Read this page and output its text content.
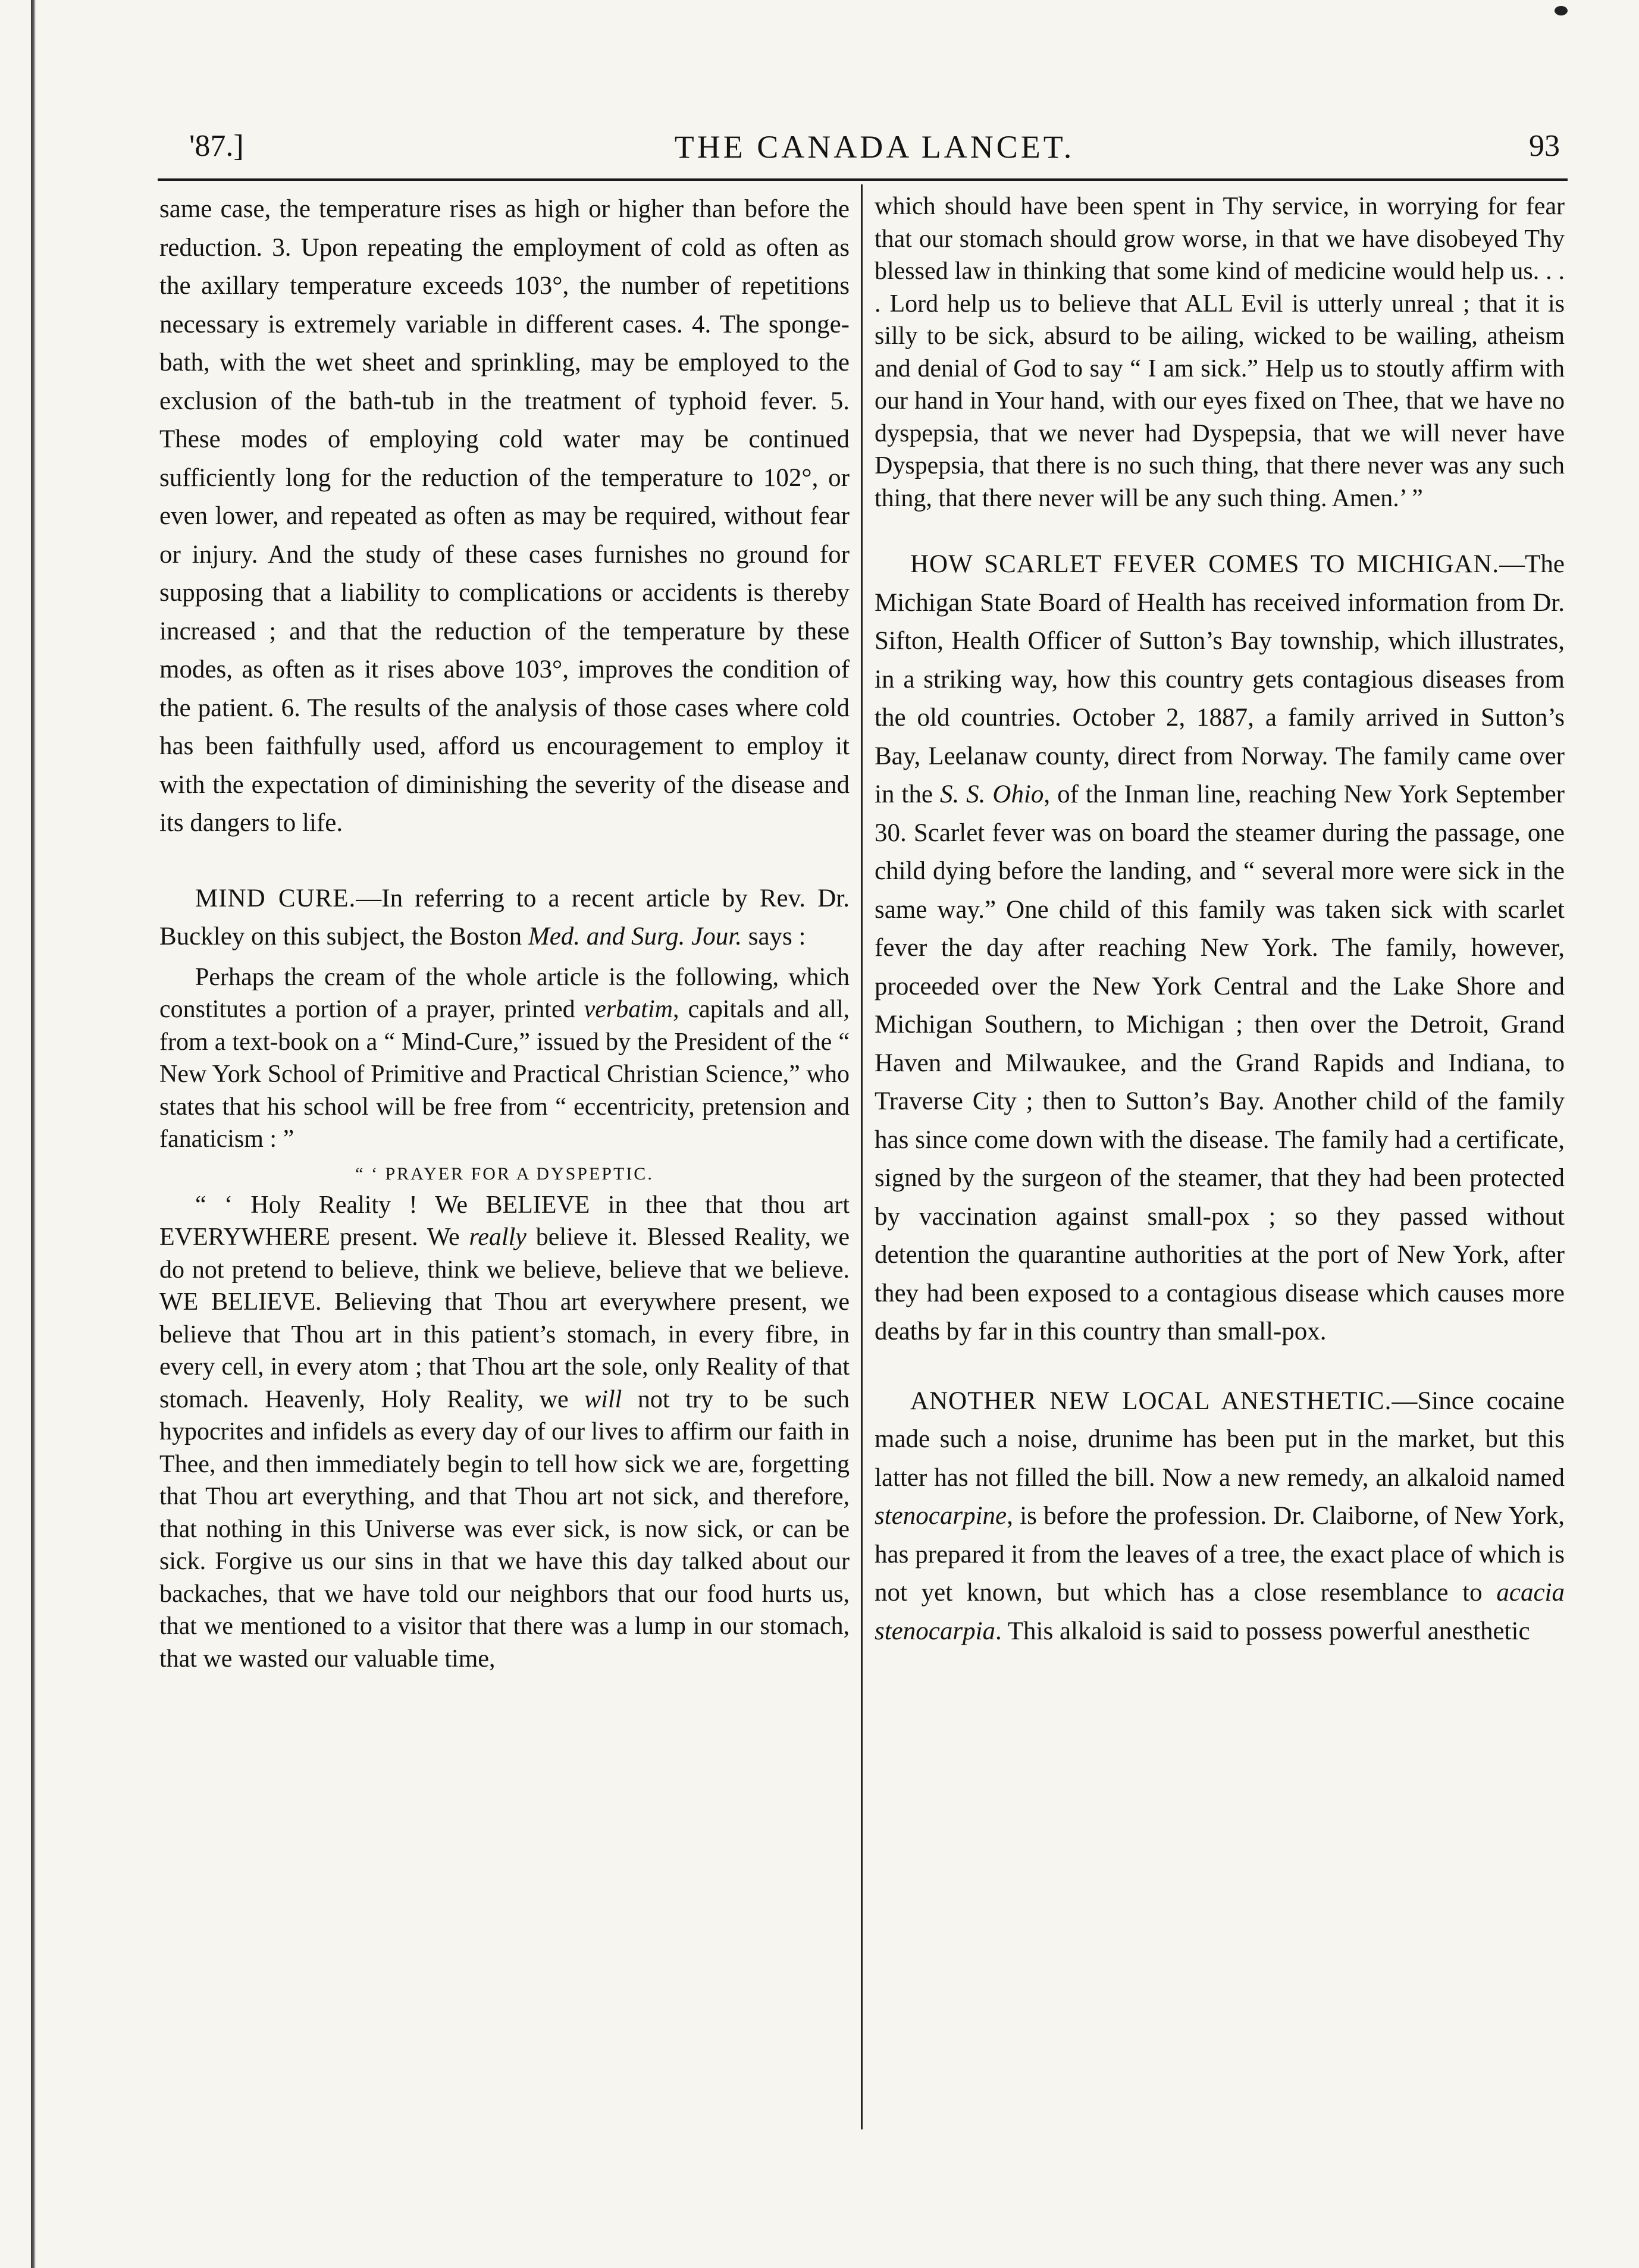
'87.]	THE CANADA LANCET.	93

same case, the temperature rises as high or higher than before the reduction. 3. Upon repeating the employment of cold as often as the axillary temperature exceeds 103°, the number of repetitions necessary is extremely variable in different cases. 4. The sponge-bath, with the wet sheet and sprinkling, may be employed to the exclusion of the bath-tub in the treatment of typhoid fever. 5. These modes of employing cold water may be continued sufficiently long for the reduction of the temperature to 102°, or even lower, and repeated as often as may be required, without fear or injury. And the study of these cases furnishes no ground for supposing that a liability to complications or accidents is thereby increased ; and that the reduction of the temperature by these modes, as often as it rises above 103°, improves the condition of the patient. 6. The results of the analysis of those cases where cold has been faithfully used, afford us encouragement to employ it with the expectation of diminishing the severity of the disease and its dangers to life.

MIND CURE.—In referring to a recent article by Rev. Dr. Buckley on this subject, the Boston Med. and Surg. Jour. says :

Perhaps the cream of the whole article is the following, which constitutes a portion of a prayer, printed verbatim, capitals and all, from a text-book on a “ Mind-Cure,” issued by the President of the “ New York School of Primitive and Practical Christian Science,” who states that his school will be free from “ eccentricity, pretension and fanaticism : ”

“ ‘ PRAYER FOR A DYSPEPTIC.

“ ‘ Holy Reality ! We BELIEVE in thee that thou art EVERYWHERE present. We really believe it. Blessed Reality, we do not pretend to believe, think we believe, believe that we believe. WE BELIEVE. Believing that Thou art everywhere present, we believe that Thou art in this patient’s stomach, in every fibre, in every cell, in every atom ; that Thou art the sole, only Reality of that stomach. Heavenly, Holy Reality, we will not try to be such hypocrites and infidels as every day of our lives to affirm our faith in Thee, and then immediately begin to tell how sick we are, forgetting that Thou art everything, and that Thou art not sick, and therefore, that nothing in this Universe was ever sick, is now sick, or can be sick. Forgive us our sins in that we have this day talked about our backaches, that we have told our neighbors that our food hurts us, that we mentioned to a visitor that there was a lump in our stomach, that we wasted our valuable time,

which should have been spent in Thy service, in worrying for fear that our stomach should grow worse, in that we have disobeyed Thy blessed law in thinking that some kind of medicine would help us. . . . Lord help us to believe that ALL Evil is utterly unreal ; that it is silly to be sick, absurd to be ailing, wicked to be wailing, atheism and denial of God to say “ I am sick.” Help us to stoutly affirm with our hand in Your hand, with our eyes fixed on Thee, that we have no dyspepsia, that we never had Dyspepsia, that we will never have Dyspepsia, that there is no such thing, that there never was any such thing, that there never will be any such thing. Amen.’ ”

HOW SCARLET FEVER COMES TO MICHIGAN.—The Michigan State Board of Health has received information from Dr. Sifton, Health Officer of Sutton’s Bay township, which illustrates, in a striking way, how this country gets contagious diseases from the old countries. October 2, 1887, a family arrived in Sutton’s Bay, Leelanaw county, direct from Norway. The family came over in the S. S. Ohio, of the Inman line, reaching New York September 30. Scarlet fever was on board the steamer during the passage, one child dying before the landing, and “ several more were sick in the same way.” One child of this family was taken sick with scarlet fever the day after reaching New York. The family, however, proceeded over the New York Central and the Lake Shore and Michigan Southern, to Michigan ; then over the Detroit, Grand Haven and Milwaukee, and the Grand Rapids and Indiana, to Traverse City ; then to Sutton’s Bay. Another child of the family has since come down with the disease. The family had a certificate, signed by the surgeon of the steamer, that they had been protected by vaccination against small-pox ; so they passed without detention the quarantine authorities at the port of New York, after they had been exposed to a contagious disease which causes more deaths by far in this country than small-pox.

ANOTHER NEW LOCAL ANESTHETIC.—Since cocaine made such a noise, drunime has been put in the market, but this latter has not filled the bill. Now a new remedy, an alkaloid named stenocarpine, is before the profession. Dr. Claiborne, of New York, has prepared it from the leaves of a tree, the exact place of which is not yet known, but which has a close resemblance to acacia stenocarpia. This alkaloid is said to possess powerful anesthetic
